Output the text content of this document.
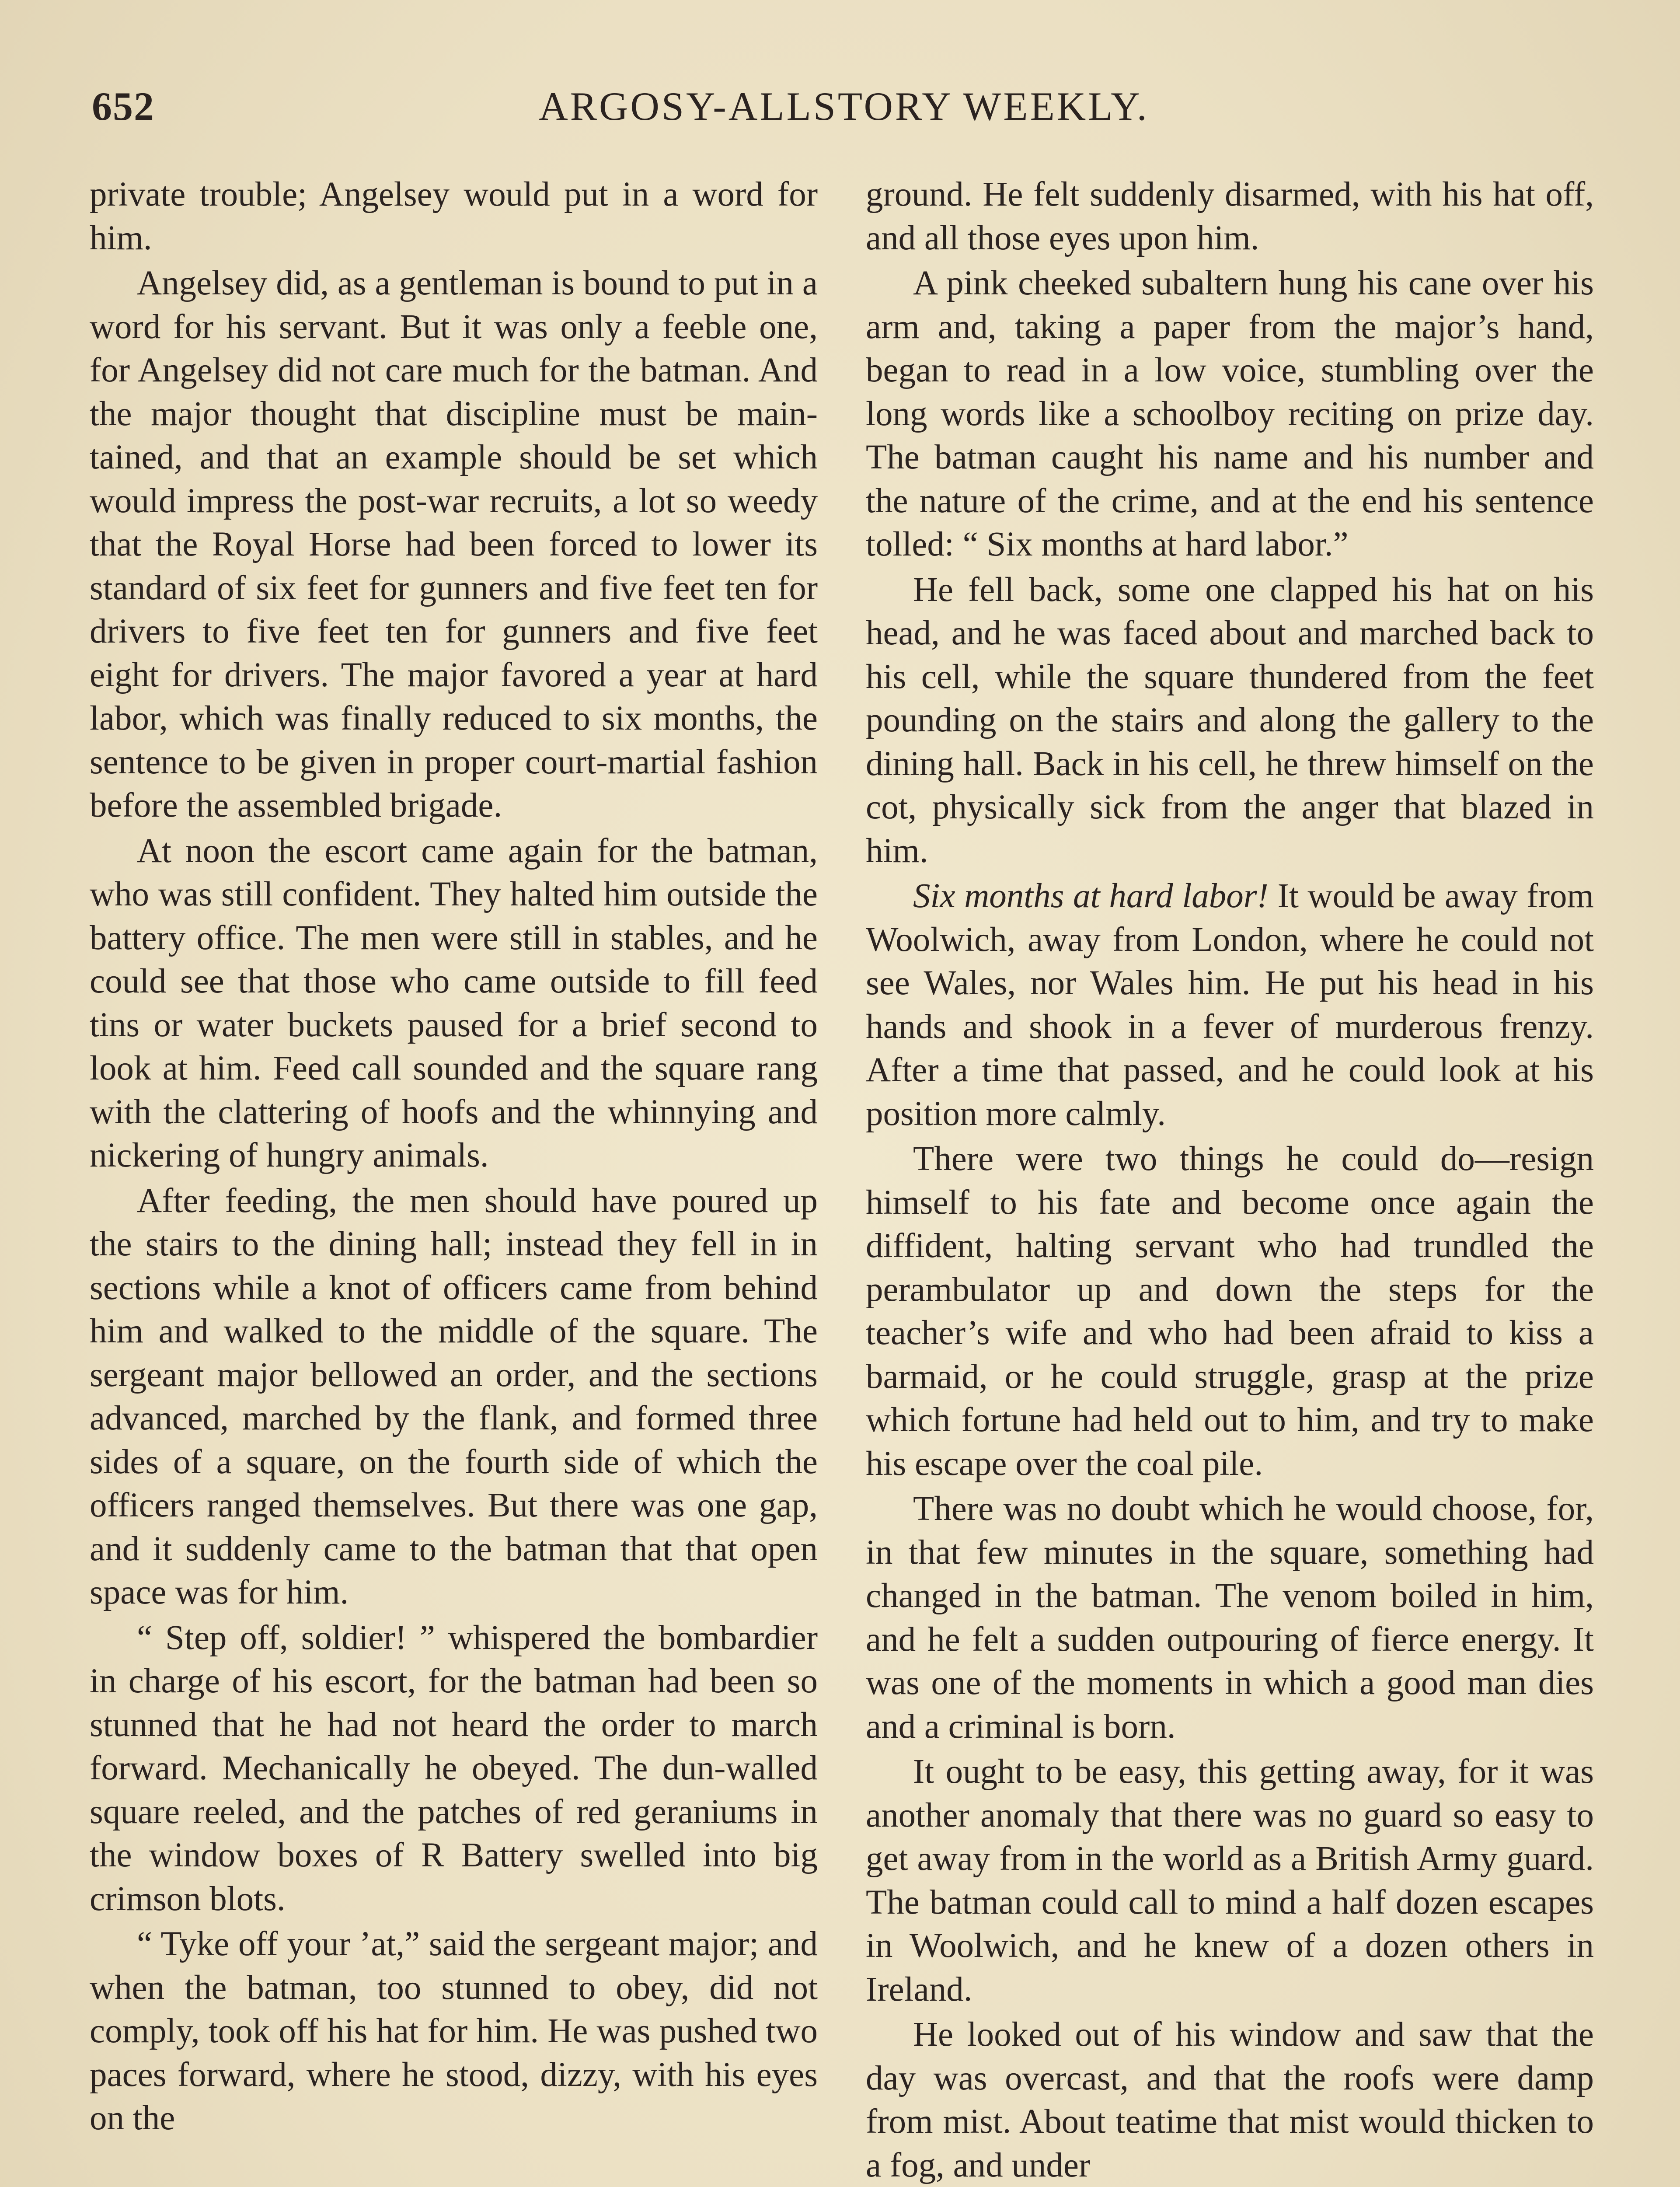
652	ARGOSY-ALLSTORY WEEKLY.

private trouble; Angelsey would put in a word for him.

Angelsey did, as a gentleman is bound to put in a word for his servant. But it was only a feeble one, for Angelsey did not care much for the batman. And the major thought that discipline must be maintained, and that an example should be set which would impress the post-war recruits, a lot so weedy that the Royal Horse had been forced to lower its standard of six feet for gunners and five feet ten for drivers to five feet ten for gunners and five feet eight for drivers. The major favored a year at hard labor, which was finally reduced to six months, the sentence to be given in proper court-martial fashion before the assembled brigade.

At noon the escort came again for the batman, who was still confident. They halted him outside the battery office. The men were still in stables, and he could see that those who came outside to fill feed tins or water buckets paused for a brief second to look at him. Feed call sounded and the square rang with the clattering of hoofs and the whinnying and nickering of hungry animals.

After feeding, the men should have poured up the stairs to the dining hall; instead they fell in in sections while a knot of officers came from behind him and walked to the middle of the square. The sergeant major bellowed an order, and the sections advanced, marched by the flank, and formed three sides of a square, on the fourth side of which the officers ranged themselves. But there was one gap, and it suddenly came to the batman that that open space was for him.

“ Step off, soldier! ” whispered the bombardier in charge of his escort, for the batman had been so stunned that he had not heard the order to march forward. Mechanically he obeyed. The dun-walled square reeled, and the patches of red geraniums in the window boxes of R Battery swelled into big crimson blots.

“ Tyke off your ’at,” said the sergeant major; and when the batman, too stunned to obey, did not comply, took off his hat for him. He was pushed two paces forward, where he stood, dizzy, with his eyes on the

ground. He felt suddenly disarmed, with his hat off, and all those eyes upon him.

A pink cheeked subaltern hung his cane over his arm and, taking a paper from the major’s hand, began to read in a low voice, stumbling over the long words like a schoolboy reciting on prize day. The batman caught his name and his number and the nature of the crime, and at the end his sentence tolled: “ Six months at hard labor.”

He fell back, some one clapped his hat on his head, and he was faced about and marched back to his cell, while the square thundered from the feet pounding on the stairs and along the gallery to the dining hall. Back in his cell, he threw himself on the cot, physically sick from the anger that blazed in him.

Six months at hard labor! It would be away from Woolwich, away from London, where he could not see Wales, nor Wales him. He put his head in his hands and shook in a fever of murderous frenzy. After a time that passed, and he could look at his position more calmly.

There were two things he could do—resign himself to his fate and become once again the diffident, halting servant who had trundled the perambulator up and down the steps for the teacher’s wife and who had been afraid to kiss a barmaid, or he could struggle, grasp at the prize which fortune had held out to him, and try to make his escape over the coal pile.

There was no doubt which he would choose, for, in that few minutes in the square, something had changed in the batman. The venom boiled in him, and he felt a sudden outpouring of fierce energy. It was one of the moments in which a good man dies and a criminal is born.

It ought to be easy, this getting away, for it was another anomaly that there was no guard so easy to get away from in the world as a British Army guard. The batman could call to mind a half dozen escapes in Woolwich, and he knew of a dozen others in Ireland.

He looked out of his window and saw that the day was overcast, and that the roofs were damp from mist. About teatime that mist would thicken to a fog, and under
